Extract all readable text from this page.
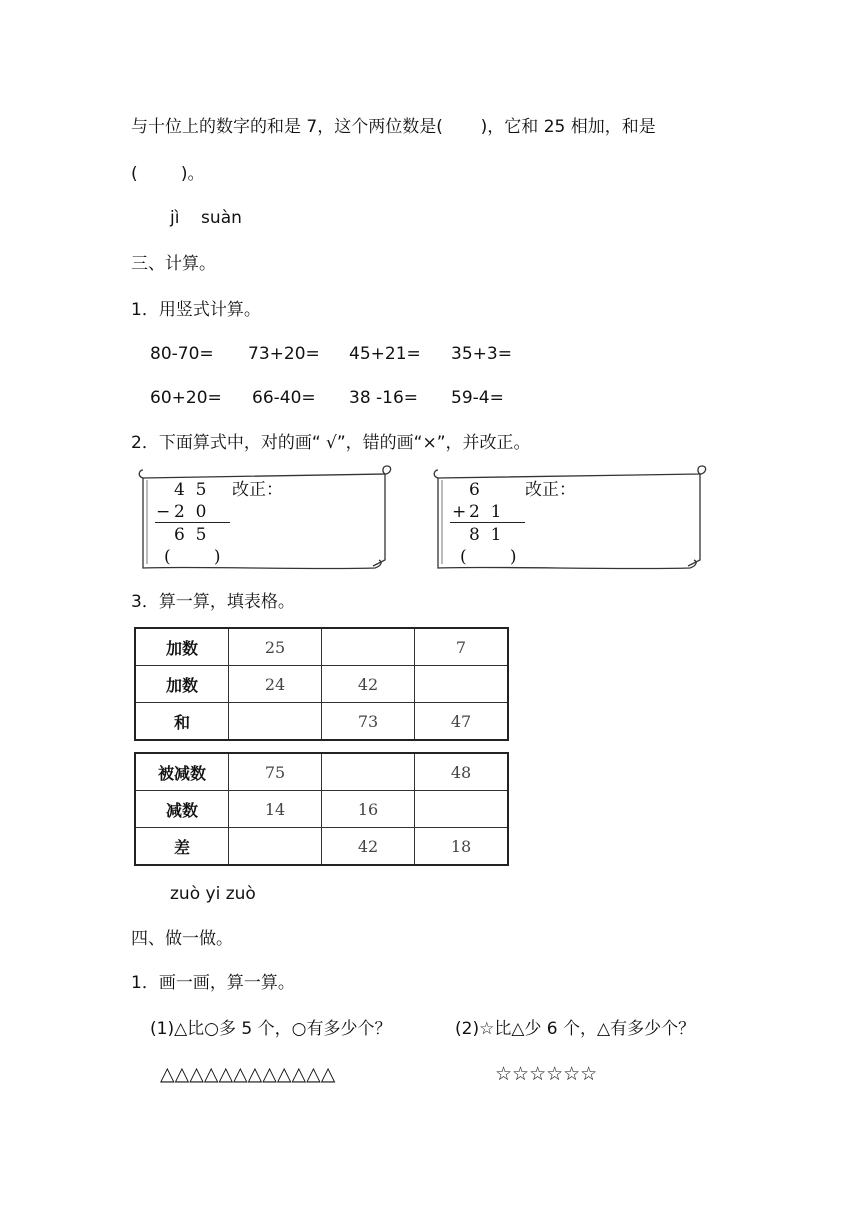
与十位上的数字的和是 7，这个两位数是(       )，它和 25 相加，和是
(        )。
jì    suàn
三、计算。
1．用竖式计算。
80-70= 73+20= 45+21= 35+3=
60+20= 66-40= 38 -16= 59-4=
2．下面算式中，对的画“ √”，错的画“×”，并改正。
4  5 改正：
− 2  0
6  5
(        )
6	改正：
+ 2  1
8  1
(        )
3．算一算，填表格。
加数	25		7
加数	24	42	
和		73	47
被减数	75		48
减数	14	16	
差		42	18
zuò yi zuò
四、做一做。
1．画一画，算一算。
(1)△比○多 5 个，○有多少个？	(2)☆比△少 6 个，△有多少个？
△△△△△△△△△△△△	☆☆☆☆☆☆
